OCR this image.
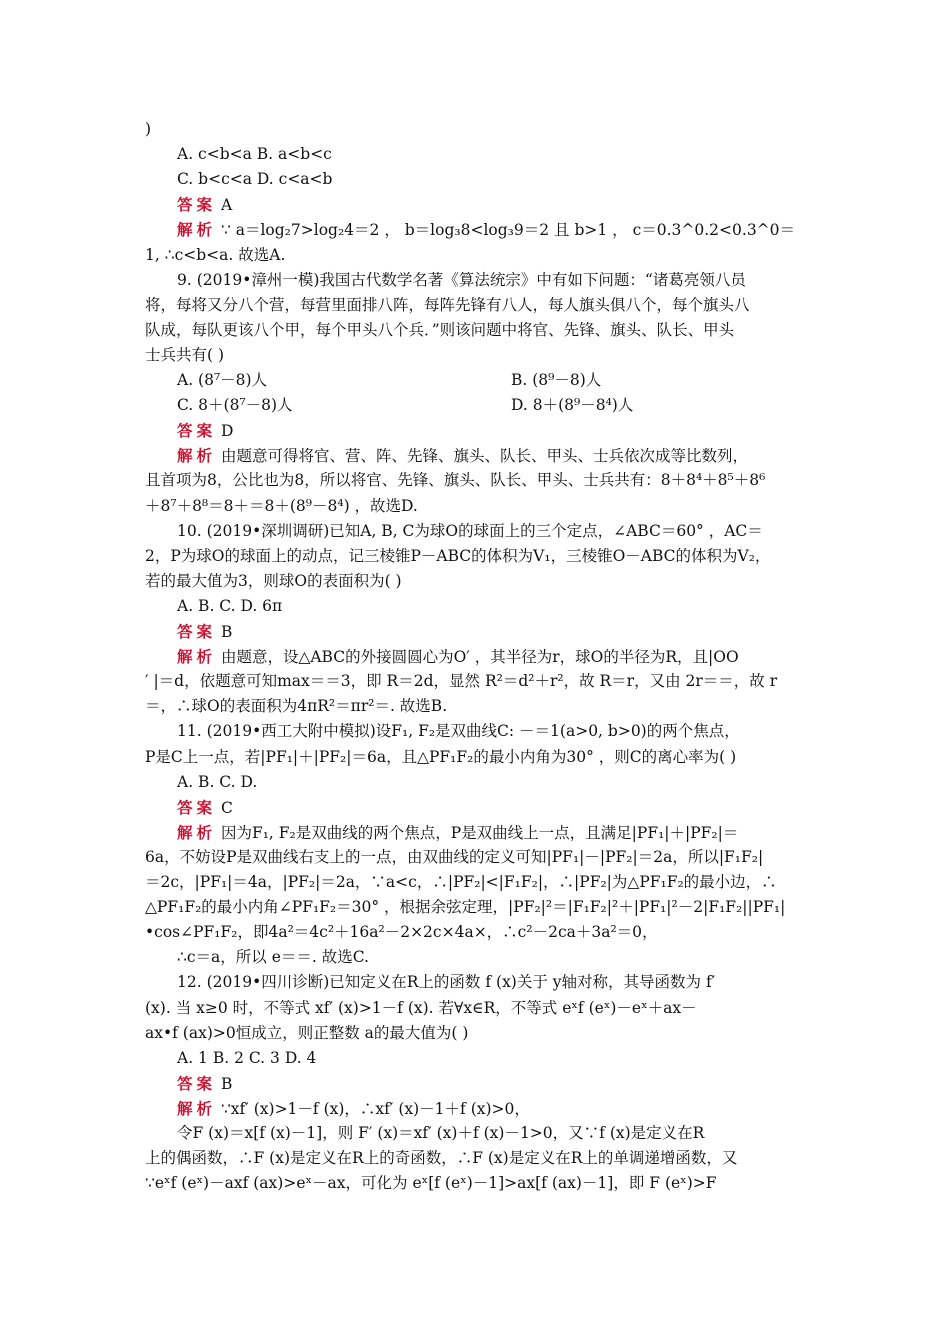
)
A. c<b<a B. a<b<c
C. b<c<a D. c<a<b
答案 A
解析 ∵ a＝log₂7>log₂4＝2 ， b＝log₃8<log₃9＝2 且 b>1 ， c＝0.3^0.2<0.3^0＝
1, ∴c<b<a. 故选A.
9. (2019•漳州一模)我国古代数学名著《算法统宗》中有如下问题：“诸葛亮领八员
将，每将又分八个营，每营里面排八阵，每阵先锋有八人，每人旗头俱八个，每个旗头八
队成，每队更该八个甲，每个甲头八个兵．”则该问题中将官、先锋、旗头、队长、甲头
士兵共有( )
A. (8⁷－8)人	B. (8⁹－8)人
C. 8＋(8⁷－8)人	D. 8＋(8⁹－8⁴)人
答案 D
解析 由题意可得将官、营、阵、先锋、旗头、队长、甲头、士兵依次成等比数列，
且首项为8，公比也为8，所以将官、先锋、旗头、队长、甲头、士兵共有：8＋8⁴＋8⁵＋8⁶
＋8⁷＋8⁸＝8＋＝8＋(8⁹－8⁴) ，故选D.
10. (2019•深圳调研)已知A, B, C为球O的球面上的三个定点，∠ABC＝60° ，AC＝
2，P为球O的球面上的动点，记三棱锥P－ABC的体积为V₁，三棱锥O－ABC的体积为V₂，
若的最大值为3，则球O的表面积为( )
A. B. C. D. 6π
答案 B
解析 由题意，设△ABC的外接圆圆心为O′ ，其半径为r，球O的半径为R，且|OO
′ |＝d，依题意可知max＝＝3，即 R＝2d，显然 R²＝d²＋r²，故 R＝r，又由 2r＝＝，故 r
＝，∴球O的表面积为4πR²＝πr²＝. 故选B.
11. (2019•西工大附中模拟)设F₁, F₂是双曲线C: －＝1(a>0, b>0)的两个焦点，
P是C上一点，若|PF₁|＋|PF₂|＝6a，且△PF₁F₂的最小内角为30° ，则C的离心率为( )
A. B. C. D.
答案 C
解析 因为F₁, F₂是双曲线的两个焦点，P是双曲线上一点，且满足|PF₁|＋|PF₂|＝
6a，不妨设P是双曲线右支上的一点，由双曲线的定义可知|PF₁|－|PF₂|＝2a，所以|F₁F₂|
＝2c，|PF₁|＝4a，|PF₂|＝2a，∵a<c，∴|PF₂|<|F₁F₂|，∴|PF₂|为△PF₁F₂的最小边，∴
△PF₁F₂的最小内角∠PF₁F₂＝30° ，根据余弦定理，|PF₂|²＝|F₁F₂|²＋|PF₁|²－2|F₁F₂||PF₁|
•cos∠PF₁F₂，即4a²＝4c²＋16a²－2×2c×4a×，∴c²－2ca＋3a²＝0，
∴c＝a，所以 e＝＝. 故选C.
12. (2019•四川诊断)已知定义在R上的函数 f (x)关于 y轴对称，其导函数为 f′
(x). 当 x≥0 时，不等式 xf′ (x)>1－f (x). 若∀x∈R，不等式 eˣf (eˣ)－eˣ＋ax－
ax•f (ax)>0恒成立，则正整数 a的最大值为( )
A. 1 B. 2 C. 3 D. 4
答案 B
解析 ∵xf′ (x)>1－f (x)，∴xf′ (x)－1＋f (x)>0，
令F (x)＝x[f (x)－1]，则 F′ (x)＝xf′ (x)＋f (x)－1>0，又∵f (x)是定义在R
上的偶函数，∴F (x)是定义在R上的奇函数，∴F (x)是定义在R上的单调递增函数，又
∵eˣf (eˣ)－axf (ax)>eˣ－ax，可化为 eˣ[f (eˣ)－1]>ax[f (ax)－1]，即 F (eˣ)>F
